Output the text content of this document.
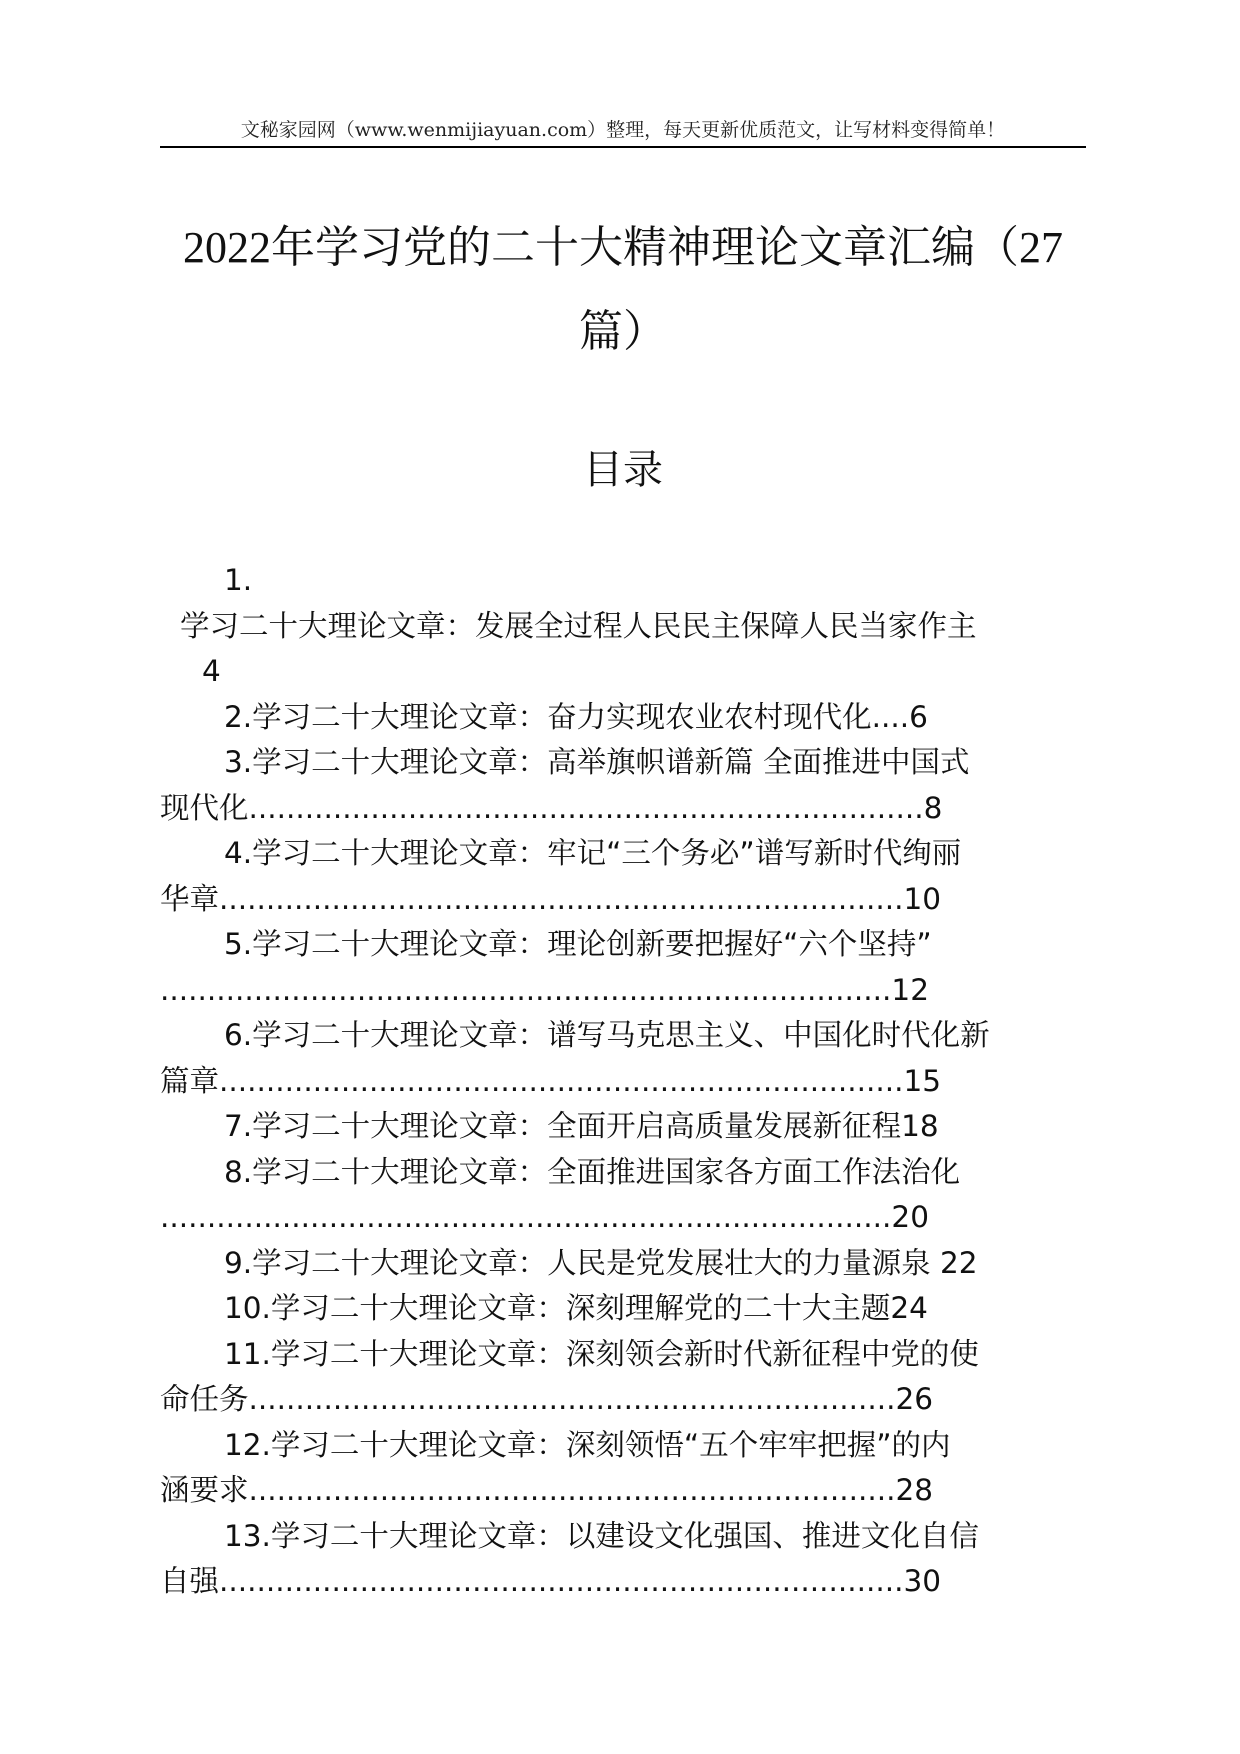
文秘家园网（www.wenmijiayuan.com）整理，每天更新优质范文，让写材料变得简单！
2022年学习党的二十大精神理论文章汇编（27
篇）
目录
1.
学习二十大理论文章：发展全过程人民民主保障人民当家作主
4
2.学习二十大理论文章：奋力实现农业农村现代化....6
3.学习二十大理论文章：高举旗帜谱新篇 全面推进中国式
现代化........................................................................8
4.学习二十大理论文章：牢记“三个务必”谱写新时代绚丽
华章.........................................................................10
5.学习二十大理论文章：理论创新要把握好“六个坚持”
..............................................................................12
6.学习二十大理论文章：谱写马克思主义、中国化时代化新
篇章.........................................................................15
7.学习二十大理论文章：全面开启高质量发展新征程18
8.学习二十大理论文章：全面推进国家各方面工作法治化
..............................................................................20
9.学习二十大理论文章：人民是党发展壮大的力量源泉 22
10.学习二十大理论文章：深刻理解党的二十大主题24
11.学习二十大理论文章：深刻领会新时代新征程中党的使
命任务.....................................................................26
12.学习二十大理论文章：深刻领悟“五个牢牢把握”的内
涵要求.....................................................................28
13.学习二十大理论文章：以建设文化强国、推进文化自信
自强.........................................................................30
